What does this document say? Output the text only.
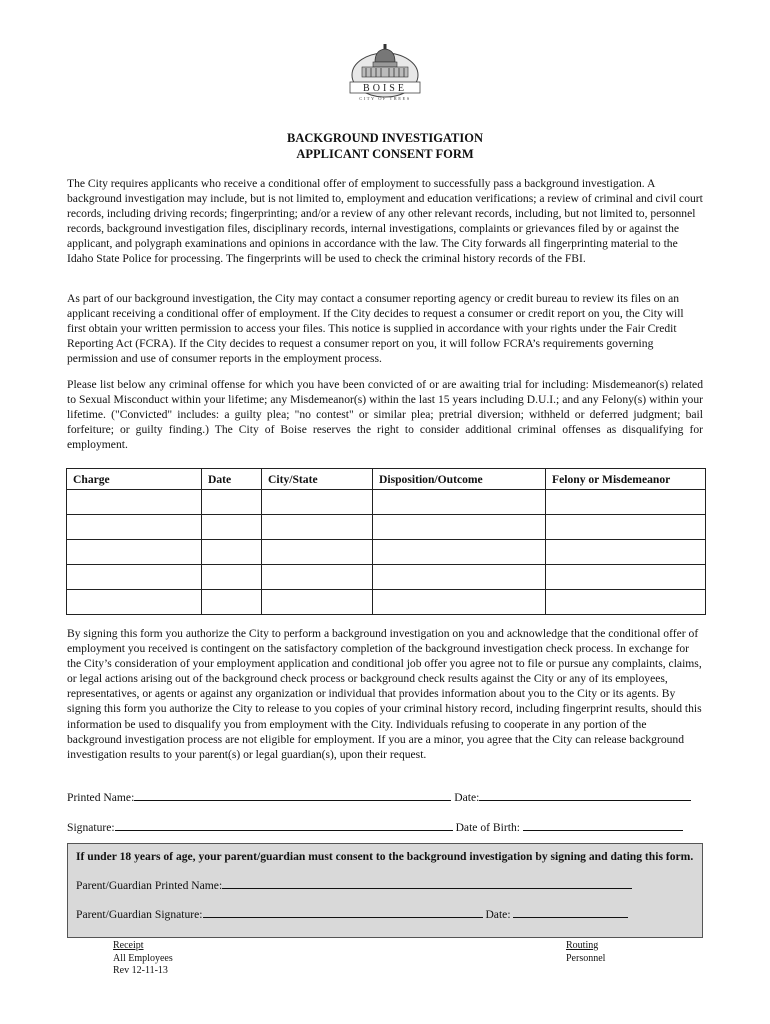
BOISE
CITY OF TREES
BACKGROUND INVESTIGATION
APPLICANT CONSENT FORM
The City requires applicants who receive a conditional offer of employment to successfully pass a background investigation. A background investigation may include, but is not limited to, employment and education verifications; a review of criminal and civil court records, including driving records; fingerprinting; and/or a review of any other relevant records, including, but not limited to, personnel records, background investigation files, disciplinary records, internal investigations, complaints or grievances filed by or against the applicant, and polygraph examinations and opinions in accordance with the law. The City forwards all fingerprinting material to the Idaho State Police for processing. The fingerprints will be used to check the criminal history records of the FBI.
As part of our background investigation, the City may contact a consumer reporting agency or credit bureau to review its files on an applicant receiving a conditional offer of employment. If the City decides to request a consumer or credit report on you, the City will first obtain your written permission to access your files. This notice is supplied in accordance with your rights under the Fair Credit Reporting Act (FCRA). If the City decides to request a consumer report on you, it will follow FCRA’s requirements governing permission and use of consumer reports in the employment process.
Please list below any criminal offense for which you have been convicted of or are awaiting trial for including: Misdemeanor(s) related to Sexual Misconduct within your lifetime; any Misdemeanor(s) within the last 15 years including D.U.I.; and any Felony(s) within your lifetime. ("Convicted" includes: a guilty plea; "no contest" or similar plea; pretrial diversion; withheld or deferred judgment; bail forfeiture; or guilty finding.) The City of Boise reserves the right to consider additional criminal offenses as disqualifying for employment.
Charge	Date	City/State	Disposition/Outcome	Felony or Misdemeanor

By signing this form you authorize the City to perform a background investigation on you and acknowledge that the conditional offer of employment you received is contingent on the satisfactory completion of the background investigation check process. In exchange for the City’s consideration of your employment application and conditional job offer you agree not to file or pursue any complaints, claims, or legal actions arising out of the background check process or background check results against the City or any of its employees, representatives, or agents or against any organization or individual that provides information about you to the City or its agents. By signing this form you authorize the City to release to you copies of your criminal history record, including fingerprint results, should this information be used to disqualify you from employment with the City. Individuals refusing to cooperate in any portion of the background investigation process are not eligible for employment. If you are a minor, you agree that the City can release background investigation results to your parent(s) or legal guardian(s), upon their request.
Printed Name:	Date:
Signature:	Date of Birth:
If under 18 years of age, your parent/guardian must consent to the background investigation by signing and dating this form.
Parent/Guardian Printed Name:
Parent/Guardian Signature:	Date:
Receipt
All Employees
Rev 12-11-13
Routing
Personnel
